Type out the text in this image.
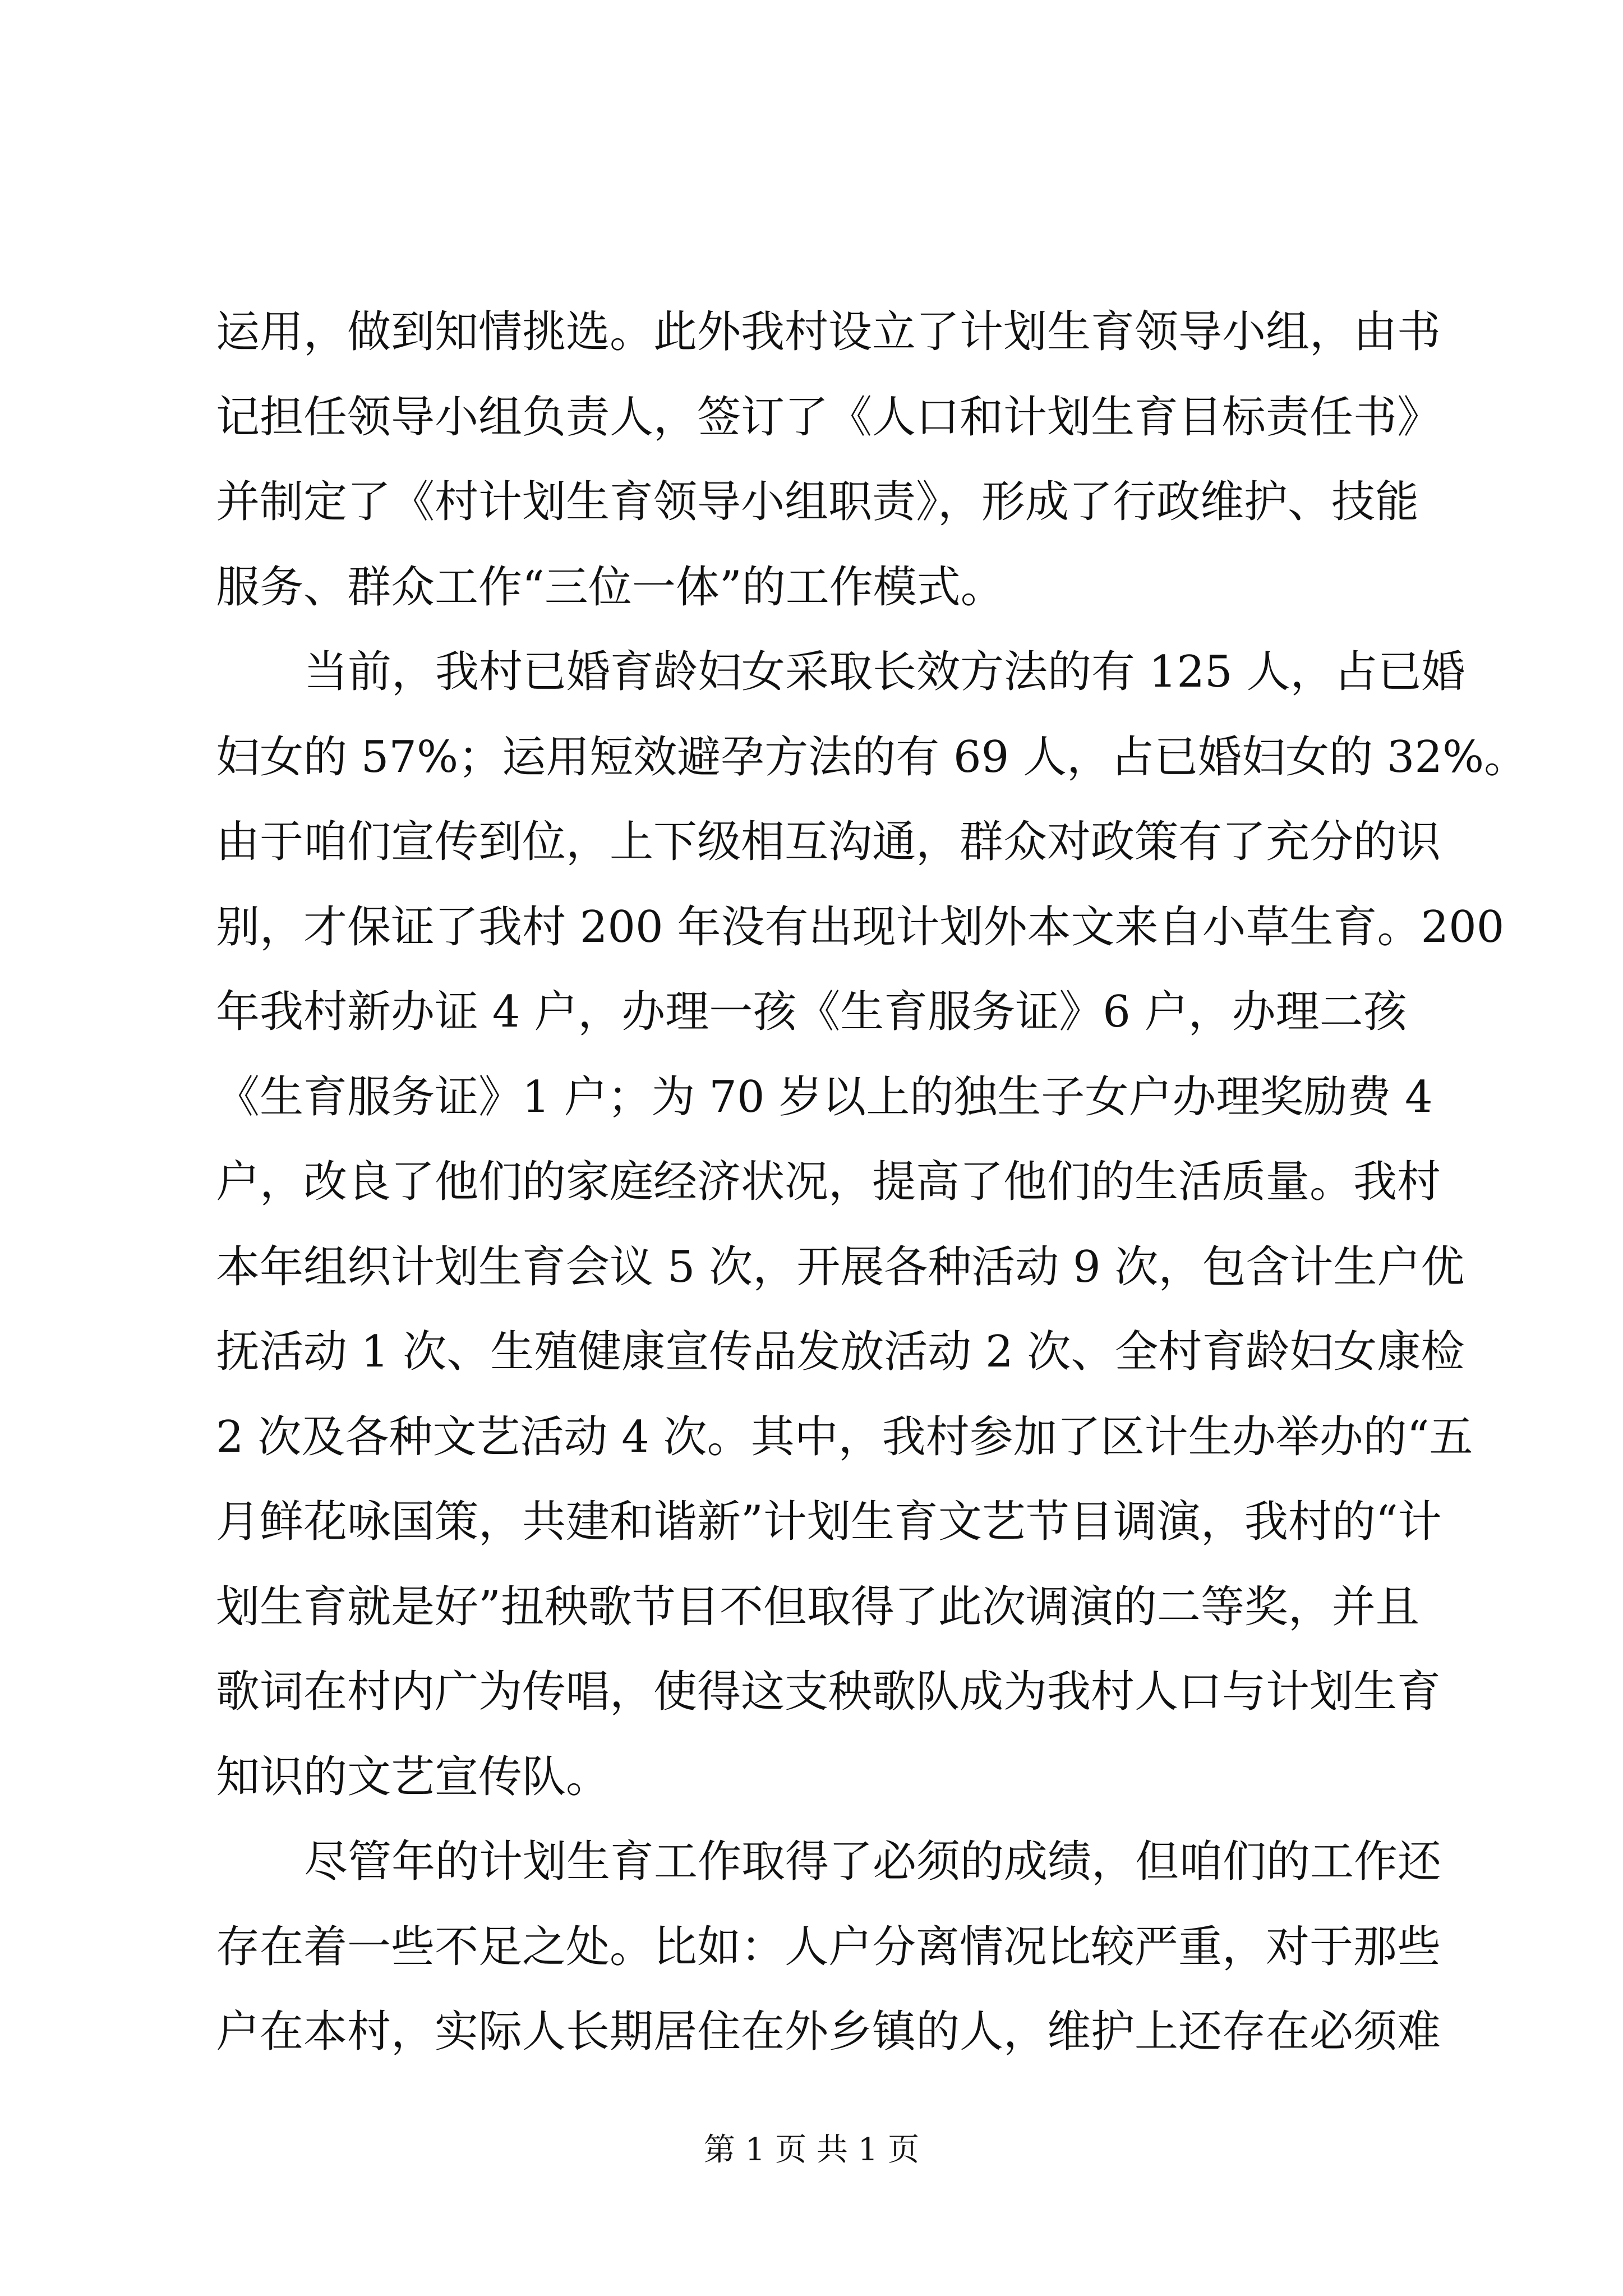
运用，做到知情挑选。此外我村设立了计划生育领导小组，由书

记担任领导小组负责人，签订了《人口和计划生育目标责任书》

并制定了《村计划生育领导小组职责》，形成了行政维护、技能

服务、群众工作“三位一体”的工作模式。

当前，我村已婚育龄妇女采取长效方法的有 125 人，占已婚

妇女的 57%；运用短效避孕方法的有 69 人，占已婚妇女的 32%。

由于咱们宣传到位，上下级相互沟通，群众对政策有了充分的识

别，才保证了我村 200 年没有出现计划外本文来自小草生育。200

年我村新办证 4 户，办理一孩《生育服务证》6 户，办理二孩

《生育服务证》1 户；为 70 岁以上的独生子女户办理奖励费 4

户，改良了他们的家庭经济状况，提高了他们的生活质量。我村

本年组织计划生育会议 5 次，开展各种活动 9 次，包含计生户优

抚活动 1 次、生殖健康宣传品发放活动 2 次、全村育龄妇女康检

2 次及各种文艺活动 4 次。其中，我村参加了区计生办举办的“五

月鲜花咏国策，共建和谐新”计划生育文艺节目调演，我村的“计

划生育就是好”扭秧歌节目不但取得了此次调演的二等奖，并且

歌词在村内广为传唱，使得这支秧歌队成为我村人口与计划生育

知识的文艺宣传队。

尽管年的计划生育工作取得了必须的成绩，但咱们的工作还

存在着一些不足之处。比如：人户分离情况比较严重，对于那些

户在本村，实际人长期居住在外乡镇的人，维护上还存在必须难

第 1 页 共 1 页
